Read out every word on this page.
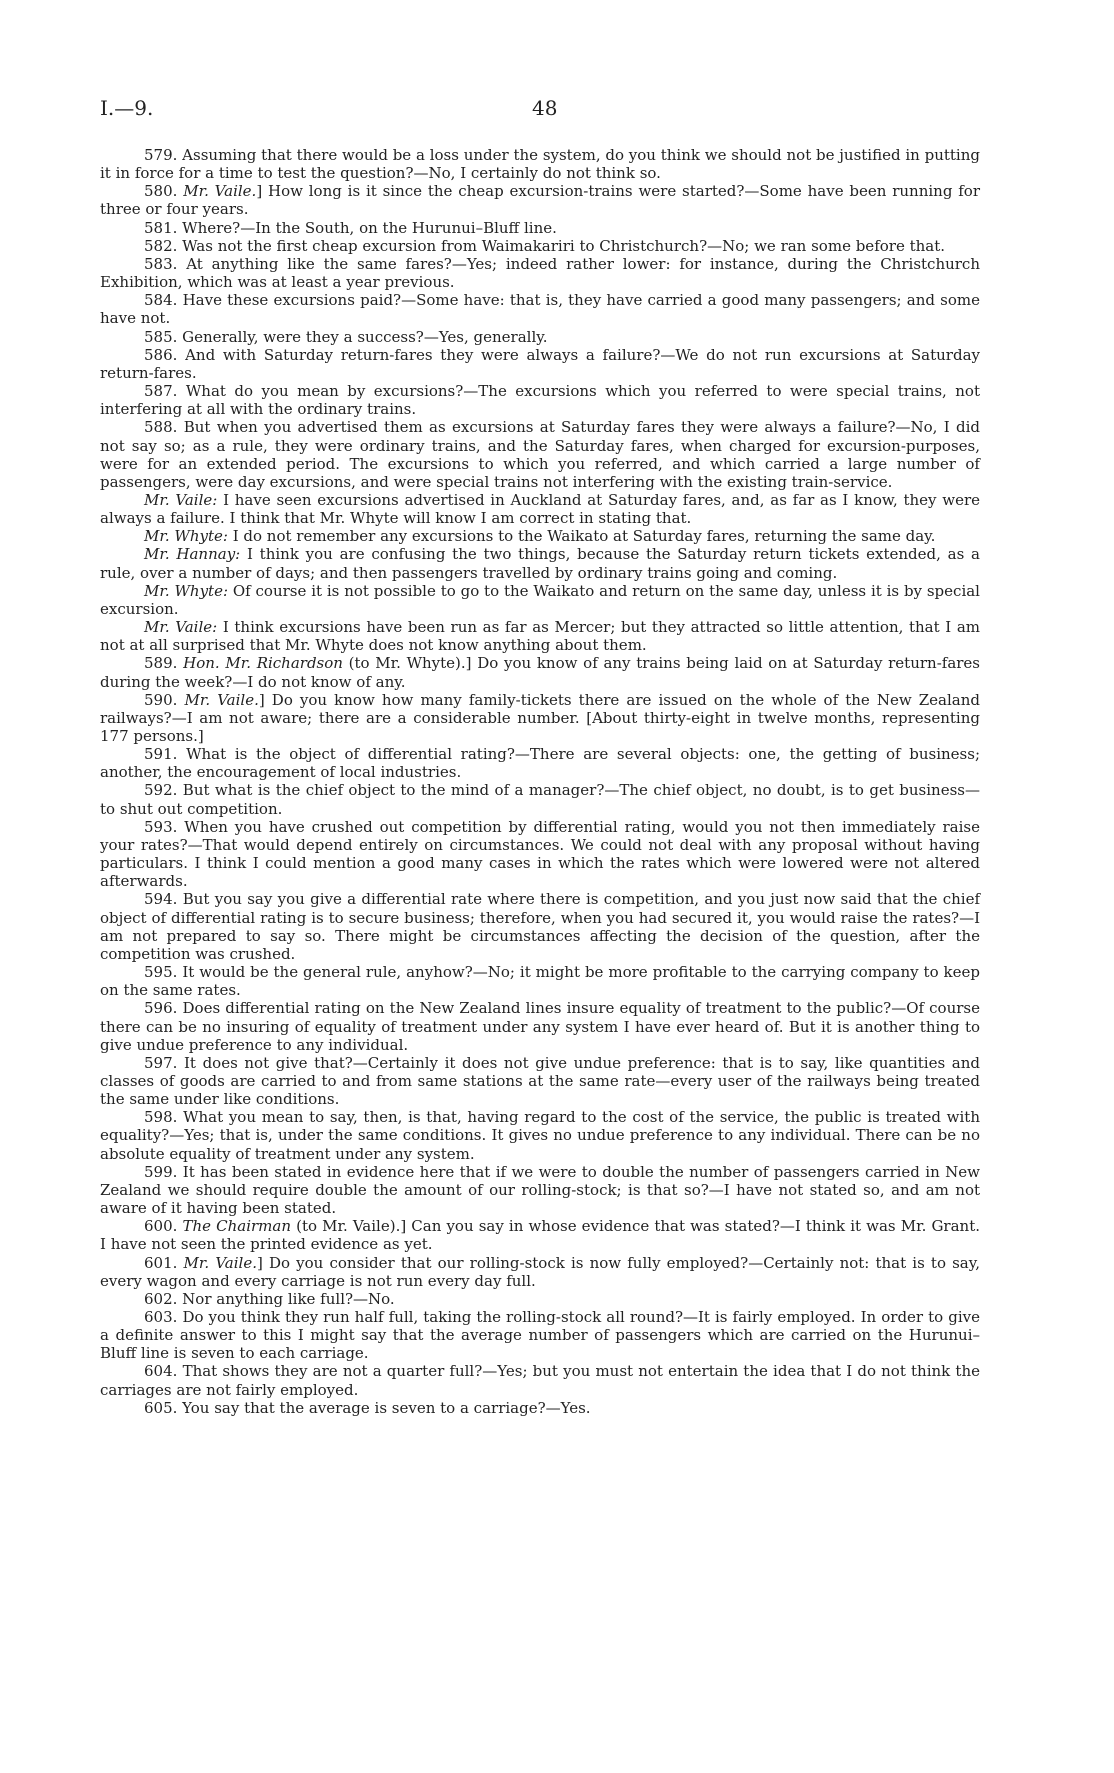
I.—9.	48

579. Assuming that there would be a loss under the system, do you think we should not be justified in putting it in force for a time to test the question?—No, I certainly do not think so.

580. Mr. Vaile.] How long is it since the cheap excursion-trains were started?—Some have been running for three or four years.

581. Where?—In the South, on the Hurunui–Bluff line.

582. Was not the first cheap excursion from Waimakariri to Christchurch?—No; we ran some before that.

583. At anything like the same fares?—Yes; indeed rather lower: for instance, during the Christchurch Exhibition, which was at least a year previous.

584. Have these excursions paid?—Some have: that is, they have carried a good many passengers; and some have not.

585. Generally, were they a success?—Yes, generally.

586. And with Saturday return-fares they were always a failure?—We do not run excursions at Saturday return-fares.

587. What do you mean by excursions?—The excursions which you referred to were special trains, not interfering at all with the ordinary trains.

588. But when you advertised them as excursions at Saturday fares they were always a failure?—No, I did not say so; as a rule, they were ordinary trains, and the Saturday fares, when charged for excursion-purposes, were for an extended period. The excursions to which you referred, and which carried a large number of passengers, were day excursions, and were special trains not interfering with the existing train-service.

Mr. Vaile: I have seen excursions advertised in Auckland at Saturday fares, and, as far as I know, they were always a failure. I think that Mr. Whyte will know I am correct in stating that.

Mr. Whyte: I do not remember any excursions to the Waikato at Saturday fares, returning the same day.

Mr. Hannay: I think you are confusing the two things, because the Saturday return tickets extended, as a rule, over a number of days; and then passengers travelled by ordinary trains going and coming.

Mr. Whyte: Of course it is not possible to go to the Waikato and return on the same day, unless it is by special excursion.

Mr. Vaile: I think excursions have been run as far as Mercer; but they attracted so little attention, that I am not at all surprised that Mr. Whyte does not know anything about them.

589. Hon. Mr. Richardson (to Mr. Whyte).] Do you know of any trains being laid on at Saturday return-fares during the week?—I do not know of any.

590. Mr. Vaile.] Do you know how many family-tickets there are issued on the whole of the New Zealand railways?—I am not aware; there are a considerable number. [About thirty-eight in twelve months, representing 177 persons.]

591. What is the object of differential rating?—There are several objects: one, the getting of business; another, the encouragement of local industries.

592. But what is the chief object to the mind of a manager?—The chief object, no doubt, is to get business—to shut out competition.

593. When you have crushed out competition by differential rating, would you not then immediately raise your rates?—That would depend entirely on circumstances. We could not deal with any proposal without having particulars. I think I could mention a good many cases in which the rates which were lowered were not altered afterwards.

594. But you say you give a differential rate where there is competition, and you just now said that the chief object of differential rating is to secure business; therefore, when you had secured it, you would raise the rates?—I am not prepared to say so. There might be circumstances affecting the decision of the question, after the competition was crushed.

595. It would be the general rule, anyhow?—No; it might be more profitable to the carrying company to keep on the same rates.

596. Does differential rating on the New Zealand lines insure equality of treatment to the public?—Of course there can be no insuring of equality of treatment under any system I have ever heard of. But it is another thing to give undue preference to any individual.

597. It does not give that?—Certainly it does not give undue preference: that is to say, like quantities and classes of goods are carried to and from same stations at the same rate—every user of the railways being treated the same under like conditions.

598. What you mean to say, then, is that, having regard to the cost of the service, the public is treated with equality?—Yes; that is, under the same conditions. It gives no undue preference to any individual. There can be no absolute equality of treatment under any system.

599. It has been stated in evidence here that if we were to double the number of passengers carried in New Zealand we should require double the amount of our rolling-stock; is that so?—I have not stated so, and am not aware of it having been stated.

600. The Chairman (to Mr. Vaile).] Can you say in whose evidence that was stated?—I think it was Mr. Grant. I have not seen the printed evidence as yet.

601. Mr. Vaile.] Do you consider that our rolling-stock is now fully employed?—Certainly not: that is to say, every wagon and every carriage is not run every day full.

602. Nor anything like full?—No.

603. Do you think they run half full, taking the rolling-stock all round?—It is fairly employed. In order to give a definite answer to this I might say that the average number of passengers which are carried on the Hurunui–Bluff line is seven to each carriage.

604. That shows they are not a quarter full?—Yes; but you must not entertain the idea that I do not think the carriages are not fairly employed.

605. You say that the average is seven to a carriage?—Yes.
